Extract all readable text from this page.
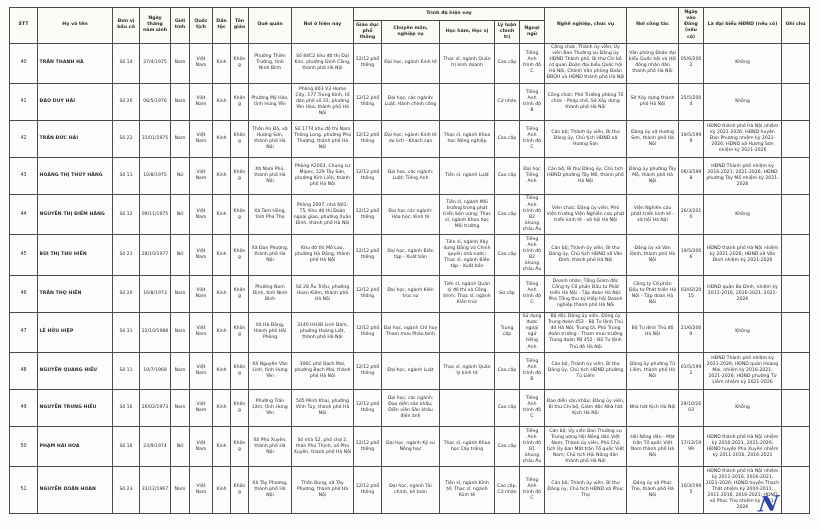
STT	Họ và tên	Đơn vị bầu cử	Ngày tháng năm sinh	Giới tính	Quốc tịch	Dân tộc	Tôn giáo	Quê quán	Nơi ở hiện nay	Trình độ hiện nay					Nghề nghiệp, chức vụ	Nơi công tác	Ngày vào Đảng (nếu có)	Là đại biểu HĐND (nếu có)	Ghi chú
										Giáo dục phổ thông	Chuyên môn, nghiệp vụ	Học hàm, Học vị	Lý luận chính trị	Ngoại ngữ					
40	TRẦN THANH HÀ	Số 14	27/4/1975	Nam	Việt Nam	Kinh	Không	Phường Thiên Trường, tỉnh Ninh Bình	Số 84C2 khu đô thị Đại Kim, phường Định Công, thành phố Hà Nội	12/12 phổ thông	Đại học, ngành Kinh tế	Thạc sĩ, ngành Quản trị kinh doanh	Cao cấp	Tiếng Anh trình độ C	Công chức, Thành ủy viên, Ủy viên Ban Thường vụ Đảng ủy HĐND Thành phố, Bí thư Chi bộ cơ quan Đoàn đại biểu Quốc hội Hà Nội, Chánh Văn phòng Đoàn ĐBQH và HĐND thành phố Hà Nội	Văn phòng Đoàn đại biểu Quốc hội và Hội đồng nhân dân thành phố Hà Nội	05/6/2002	Không	
41	ĐÀO DUY HẢI	Số 26	06/5/1976	Nam	Việt Nam	Kinh	Không	Phường Mỹ Hào, tỉnh Hưng Yên	Phòng 803 V3 Home City, 177 Trung Kính, tổ dân phố số 31, phường Yên Hòa, thành phố Hà Nội	12/12 phổ thông	Đại học, các ngành: Luật; Hành chính công		Cử nhân	Tiếng Anh trình độ B	Công chức; Phó Trưởng phòng Tổ chức - Pháp chế, Sở Xây dựng thành phố Hà Nội	Sở Xây dựng thành phố Hà Nội	25/5/2004	Không	
42	TRẦN ĐỨC HẢI	Số 22	31/01/1975	Nam	Việt Nam	Kinh	Không	Thôn An Đà, xã Hương Sơn, thành phố Hà Nội	Số 1774 khu đô thị Nam Thăng Long, phường Phú Thượng, thành phố Hà Nội	12/12 phổ thông	Đại học, ngành Kinh tế du lịch - Khách sạn	Thạc sĩ, ngành Khoa học Nông nghiệp	Cao cấp	Tiếng Anh trình độ C	Cán bộ; Thành ủy viên, Bí thư Đảng ủy, Chủ tịch HĐND xã Hương Sơn	Đảng ủy xã Hương Sơn, thành phố Hà Nội	19/5/1999	HĐND thành phố Hà Nội nhiệm kỳ 2021-2026; HĐND huyện Đan Phượng nhiệm kỳ 2021-2026; HĐND xã Hương Sơn nhiệm kỳ 2021-2026	
43	HOÀNG THỊ THÚY HẰNG	Số 11	10/8/1975	Nữ	Việt Nam	Kinh	Không	Xã Nam Phù, thành phố Hà Nội	Phòng A2003, Chung cư Mipec, 229 Tây Sơn, phường Kim Liên, thành phố Hà Nội	12/12 phổ thông	Đại học, các ngành: Luật; Tiếng Anh	Tiến sĩ, ngành Luật	Cao cấp	Đại học Tiếng Anh	Cán bộ; Bí thư Đảng ủy, Chủ tịch HĐND phường Tây Mỗ, thành phố Hà Nội	Đảng ủy phường Tây Mỗ, thành phố Hà Nội	06/3/1998	HĐND Thành phố nhiệm kỳ 2016-2021; 2021-2026; HĐND phường Tây Mỗ nhiệm kỳ 2021-2026	
44	NGUYỄN THỊ ĐIỂM HẰNG	Số 12	09/11/1975	Nữ	Việt Nam	Kinh	Không	Xã Tam Hồng, tỉnh Phú Thọ	Phòng 2007, nhà N01-T5, Khu đô thị Đoàn ngoại giao, phường Xuân Đỉnh, thành phố Hà Nội	12/12 phổ thông	Đại học các ngành: Hóa học; Kinh tế	Tiến sĩ, ngành Môi trường trong phát triển bền vững; Thạc sĩ, ngành Khoa học Môi trường	Cao cấp	Tiếng Anh trình độ B2 khung châu Âu	Viên chức; Đảng ủy viên, Phó Viện trưởng Viện Nghiên cứu phát triển kinh tế - xã hội Hà Nội	Viện Nghiên cứu phát triển kinh tế - xã hội Hà Nội	26/3/2010	Không	
45	BÙI THỊ THU HIỀN	Số 21	28/10/1977	Nữ	Việt Nam	Kinh	Không	Xã Đan Phượng, thành phố Hà Nội	Khu đô thị Mỗ Lao, phường Hà Đông, thành phố Hà Nội	12/12 phổ thông	Đại học, ngành Biên tập - Xuất bản	Tiến sĩ, ngành Xây dựng Đảng và Chính quyền nhà nước; Thạc sĩ, ngành Biên tập - Xuất bản	Cao cấp	Tiếng Anh trình độ B2 khung châu Âu	Cán bộ; Thành ủy viên, Bí thư Đảng ủy, Chủ tịch HĐND xã Vân Đình, thành phố Hà Nội	Đảng ủy xã Vân Đình, thành phố Hà Nội	19/5/2006	HĐND thành phố Hà Nội nhiệm kỳ 2021-2026; HĐND xã Vân Đình nhiệm kỳ 2021-2026	
46	TRẦN THỌ HIỀN	Số 20	16/8/1973	Nam	Việt Nam	Kinh	Không	Phường Nam Định, tỉnh Ninh Bình	Số 28 Ấu Triệu, phường Hoàn Kiếm, thành phố Hà Nội	12/12 phổ thông	Đại học, ngành Kiến trúc sư	Tiến sĩ, ngành Quản lý đô thị và Công trình; Thạc sĩ, ngành Kiến trúc	Sơ cấp	Tiếng Anh trình độ C	Doanh nhân; Tổng Giám đốc Công ty Cổ phần Đầu tư Phát triển Hà Nội - Tập đoàn Hà Nội; Phó Tổng thư ký Hiệp hội Doanh nghiệp thành phố Hà Nội	Công ty Cổ phần Đầu tư Phát triển Hà Nội - Tập đoàn Hà Nội	03/02/2015	HĐND quận Ba Đình, nhiệm kỳ 2011-2016, 2016-2021, 2021-2026	
47	LÊ HỮU HIỆP	Số 31	22/10/1988	Nam	Việt Nam	Kinh	Không	Xã Hà Đông, thành phố Hải Phòng	3140 HH3B Linh Đàm, phường Hoàng Liệt, thành phố Hà Nội	12/12 phổ thông	Đại học, ngành Chỉ huy Tham mưu Pháo binh		Trung cấp	Sử dụng được ngoại ngữ tiếng Anh	Bộ đội; Đảng ủy viên, Đảng ủy Trung đoàn 452 - Bộ Tư lệnh Thủ đô Hà Nội; Trung tá, Phó Trung đoàn trưởng - Tham mưu trưởng Trung đoàn PB 452 - Bộ Tư lệnh Thủ đô Hà Nội	Bộ Tư lệnh Thủ đô Hà Nội	21/6/2009	Không	
48	NGUYỄN QUANG HIẾU	Số 11	19/7/1968	Nam	Việt Nam	Kinh	Không	Xã Nguyễn Văn Linh, tỉnh Hưng Yên	306C phố Bạch Mai, phường Bạch Mai, thành phố Hà Nội	12/12 phổ thông	Đại học, ngành Luật	Thạc sĩ, ngành Quản lý kinh tế	Cao cấp	Tiếng Anh trình độ B	Cán bộ, Thành ủy viên, Bí thư Đảng ủy, Chủ tịch HĐND phường Từ Liêm	Đảng ủy phường Từ Liêm, thành phố Hà Nội	01/5/1992	HĐND Thành phố nhiệm kỳ 2021-2026; HĐND quận Hoàng Mai, nhiệm kỳ 2016-2021; 2021-2026; HĐND phường Từ Liêm nhiệm kỳ 2021-2026	
49	NGUYỄN TRUNG HIẾU	Số 16	26/02/1973	Nam	Việt Nam	Kinh	Không	Phường Trần Lãm, tỉnh Hưng Yên	505 Minh Khai, phường Vĩnh Tuy, thành phố Hà Nội	12/12 phổ thông	Đại học, các ngành: Đạo diễn sân khấu; Diễn viên Sân khấu điện ảnh		Cao cấp	Tiếng Anh trình độ C	Đạo diễn sân khấu; Đảng ủy viên, Bí thư Chi bộ, Giám đốc Nhà hát Kịch Hà Nội	Nhà hát Kịch Hà Nội	29/10/2003	Không	
50	PHẠM HẢI HOA	Số 16	23/9/1974	Nữ	Việt Nam	Kinh	Không	Xã Phú Xuyên, thành phố Hà Nội	Số nhà 52, phố chợ 2, thôn Phú Thịnh, xã Phú Xuyên, thành phố Hà Nội	12/12 phổ thông	Đại học, ngành Kỹ sư Nông học	Thạc sĩ, ngành Khoa học Cây trồng	Cao cấp	Tiếng Anh trình độ B1 khung châu Âu	Cán bộ; Ủy viên Ban Thường vụ Trung ương Hội Nông dân Việt Nam; Thành ủy viên, Phó Chủ tịch Ủy ban Mặt trận Tổ quốc Việt Nam; Chủ tịch Hội Nông dân thành phố Hà Nội	Hội Nông dân - Mặt trận Tổ quốc Việt Nam thành phố Hà Nội	17/12/1999	HĐND thành phố Hà Nội nhiệm kỳ 2016-2021, 2021-2026; HĐND huyện Phú Xuyên nhiệm kỳ 2011-2016, 2016-2021	
51	NGUYỄN DOÃN HOÀN	Số 23	31/12/1967	Nam	Việt Nam	Kinh	Không	Xã Tây Phương, thành phố Hà Nội	Thôn Bùng, xã Tây Phương, thành phố Hà Nội	12/12 phổ thông	Đại học, ngành Tài chính, kế toán	Tiến sĩ, ngành Kinh tế; Thạc sĩ, ngành Kinh tế	Cao cấp, Cử nhân	Tiếng Anh trình độ C	Cán bộ; Thành ủy viên, Bí thư Đảng ủy, Chủ tịch HĐND xã Phúc Thọ	Đảng ủy xã Phúc Thọ, thành phố Hà Nội	10/3/1995	HĐND thành phố Hà Nội nhiệm kỳ 2011-2016, 2016-2021, 2021-2026; HĐND huyện Thạch Thất nhiệm kỳ 2004-2011, 2011-2016, 2016-2021; HĐND xã Phúc Thọ nhiệm kỳ 2021-2026	N
